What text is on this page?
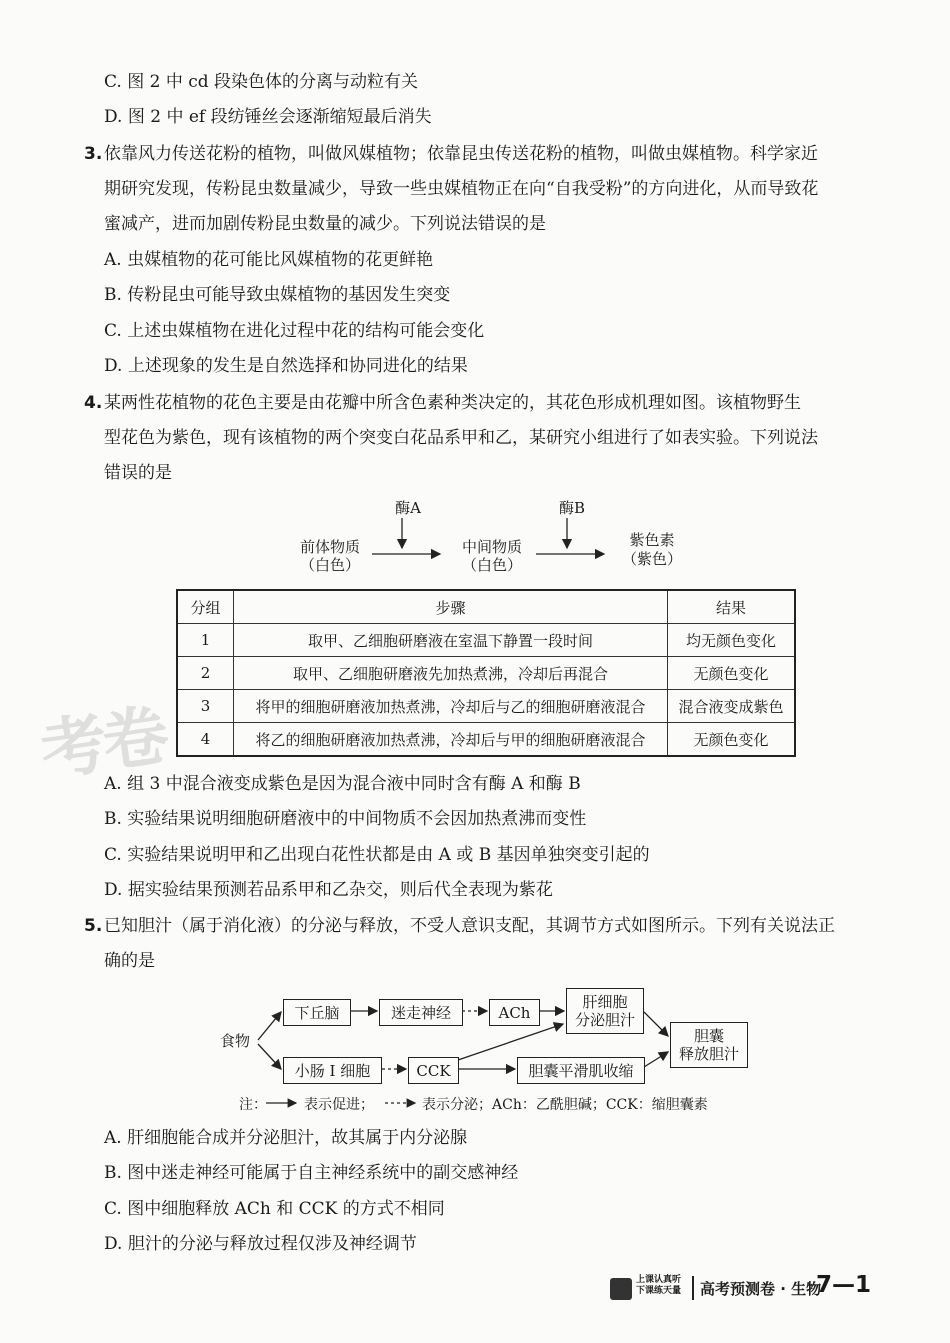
考卷
C. 图 2 中 cd 段染色体的分离与动粒有关
D. 图 2 中 ef 段纺锤丝会逐渐缩短最后消失
3. 依靠风力传送花粉的植物，叫做风媒植物；依靠昆虫传送花粉的植物，叫做虫媒植物。科学家近
期研究发现，传粉昆虫数量减少，导致一些虫媒植物正在向“自我受粉”的方向进化，从而导致花
蜜减产，进而加剧传粉昆虫数量的减少。下列说法错误的是
A. 虫媒植物的花可能比风媒植物的花更鲜艳
B. 传粉昆虫可能导致虫媒植物的基因发生突变
C. 上述虫媒植物在进化过程中花的结构可能会变化
D. 上述现象的发生是自然选择和协同进化的结果
4. 某两性花植物的花色主要是由花瓣中所含色素种类决定的，其花色形成机理如图。该植物野生
型花色为紫色，现有该植物的两个突变白花品系甲和乙，某研究小组进行了如表实验。下列说法
错误的是
酶A	酶B
前体物质
（白色）
中间物质
（白色）
紫色素
（紫色）
分组	步骤	结果
1	取甲、乙细胞研磨液在室温下静置一段时间	均无颜色变化
2	取甲、乙细胞研磨液先加热煮沸，冷却后再混合	无颜色变化
3	将甲的细胞研磨液加热煮沸，冷却后与乙的细胞研磨液混合	混合液变成紫色
4	将乙的细胞研磨液加热煮沸，冷却后与甲的细胞研磨液混合	无颜色变化
A. 组 3 中混合液变成紫色是因为混合液中同时含有酶 A 和酶 B
B. 实验结果说明细胞研磨液中的中间物质不会因加热煮沸而变性
C. 实验结果说明甲和乙出现白花性状都是由 A 或 B 基因单独突变引起的
D. 据实验结果预测若品系甲和乙杂交，则后代全表现为紫花
5. 已知胆汁（属于消化液）的分泌与释放，不受人意识支配，其调节方式如图所示。下列有关说法正
确的是
食物
下丘脑	迷走神经	ACh
肝细胞
分泌胆汁
小肠 I 细胞	CCK	胆囊平滑肌收缩
胆囊
释放胆汁
注：	表示促进；	表示分泌；ACh：乙酰胆碱；CCK：缩胆囊素
A. 肝细胞能合成并分泌胆汁，故其属于内分泌腺
B. 图中迷走神经可能属于自主神经系统中的副交感神经
C. 图中细胞释放 ACh 和 CCK 的方式不相同
D. 胆汁的分泌与释放过程仅涉及神经调节
上课认真听
下课练天量 高考预测卷 · 生物
7—1
